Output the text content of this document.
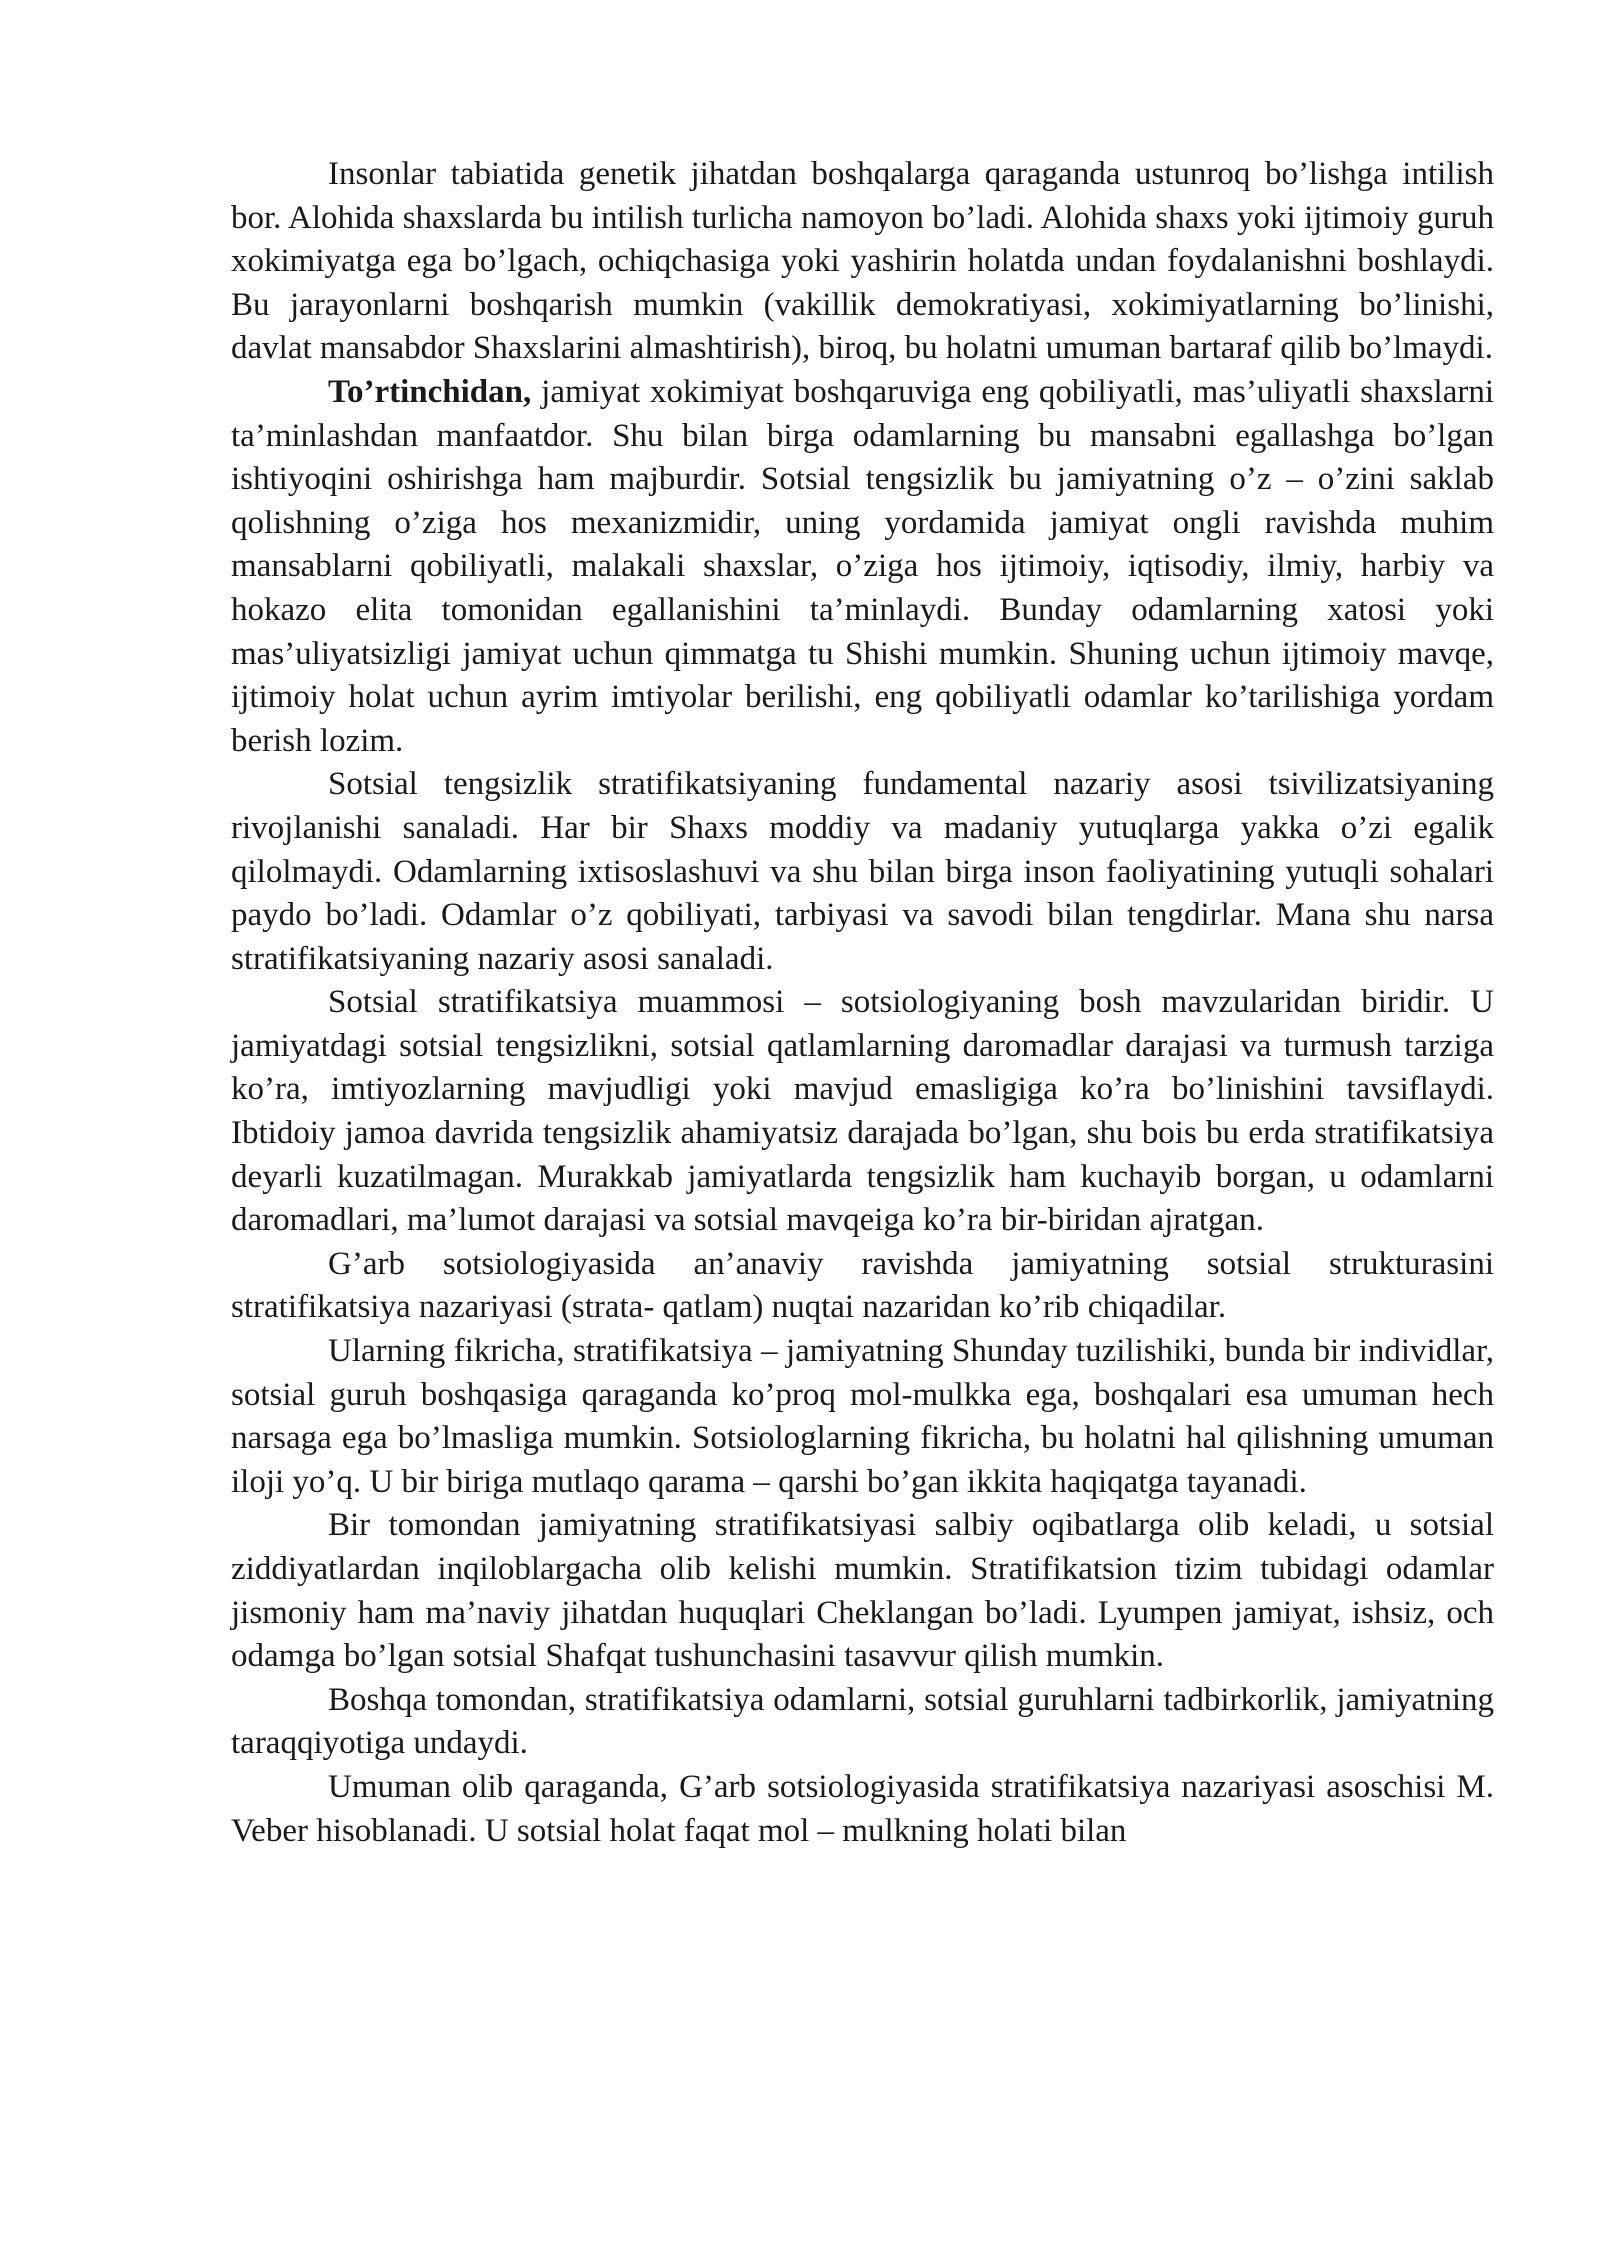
Insonlar tabiatida genetik jihatdan boshqalarga qaraganda ustunroq bo’lishga intilish bor. Alohida shaxslarda bu intilish turlicha namoyon bo’ladi. Alohida shaxs yoki ijtimoiy guruh xokimiyatga ega bo’lgach, ochiqchasiga yoki yashirin holatda undan foydalanishni boshlaydi. Bu jarayonlarni boshqarish mumkin (vakillik demokratiyasi, xokimiyatlarning bo’linishi, davlat mansabdor Shaxslarini almashtirish), biroq, bu holatni umuman bartaraf qilib bo’lmaydi.

To’rtinchidan, jamiyat xokimiyat boshqaruviga eng qobiliyatli, mas’uliyatli shaxslarni ta’minlashdan manfaatdor. Shu bilan birga odamlarning bu mansabni egallashga bo’lgan ishtiyoqini oshirishga ham majburdir. Sotsial tengsizlik bu jamiyatning o’z – o’zini saklab qolishning o’ziga hos mexanizmidir, uning yordamida jamiyat ongli ravishda muhim mansablarni qobiliyatli, malakali shaxslar, o’ziga hos ijtimoiy, iqtisodiy, ilmiy, harbiy va hokazo elita tomonidan egallanishini ta’minlaydi. Bunday odamlarning xatosi yoki mas’uliyatsizligi jamiyat uchun qimmatga tu Shishi mumkin. Shuning uchun ijtimoiy mavqe, ijtimoiy holat uchun ayrim imtiyolar berilishi, eng qobiliyatli odamlar ko’tarilishiga yordam berish lozim.

Sotsial tengsizlik stratifikatsiyaning fundamental nazariy asosi tsivilizatsiyaning rivojlanishi sanaladi. Har bir Shaxs moddiy va madaniy yutuqlarga yakka o’zi egalik qilolmaydi. Odamlarning ixtisoslashuvi va shu bilan birga inson faoliyatining yutuqli sohalari paydo bo’ladi. Odamlar o’z qobiliyati, tarbiyasi va savodi bilan tengdirlar. Mana shu narsa stratifikatsiyaning nazariy asosi sanaladi.

Sotsial stratifikatsiya muammosi – sotsiologiyaning bosh mavzularidan biridir. U jamiyatdagi sotsial tengsizlikni, sotsial qatlamlarning daromadlar darajasi va turmush tarziga ko’ra, imtiyozlarning mavjudligi yoki mavjud emasligiga ko’ra bo’linishini tavsiflaydi. Ibtidoiy jamoa davrida tengsizlik ahamiyatsiz darajada bo’lgan, shu bois bu erda stratifikatsiya deyarli kuzatilmagan. Murakkab jamiyatlarda tengsizlik ham kuchayib borgan, u odamlarni daromadlari, ma’lumot darajasi va sotsial mavqeiga ko’ra bir-biridan ajratgan.

G’arb sotsiologiyasida an’anaviy ravishda jamiyatning sotsial strukturasini stratifikatsiya nazariyasi (strata- qatlam) nuqtai nazaridan ko’rib chiqadilar.

Ularning fikricha, stratifikatsiya – jamiyatning Shunday tuzilishiki, bunda bir individlar, sotsial guruh boshqasiga qaraganda ko’proq mol-mulkka ega, boshqalari esa umuman hech narsaga ega bo’lmasliga mumkin. Sotsiologlarning fikricha, bu holatni hal qilishning umuman iloji yo’q. U bir biriga mutlaqo qarama – qarshi bo’gan ikkita haqiqatga tayanadi.

Bir tomondan jamiyatning stratifikatsiyasi salbiy oqibatlarga olib keladi, u sotsial ziddiyatlardan inqiloblargacha olib kelishi mumkin. Stratifikatsion tizim tubidagi odamlar jismoniy ham ma’naviy jihatdan huquqlari Cheklangan bo’ladi. Lyumpen jamiyat, ishsiz, och odamga bo’lgan sotsial Shafqat tushunchasini tasavvur qilish mumkin.

Boshqa tomondan, stratifikatsiya odamlarni, sotsial guruhlarni tadbirkorlik, jamiyatning taraqqiyotiga undaydi.

Umuman olib qaraganda, G’arb sotsiologiyasida stratifikatsiya nazariyasi asoschisi M. Veber hisoblanadi. U sotsial holat faqat mol – mulkning holati bilan
